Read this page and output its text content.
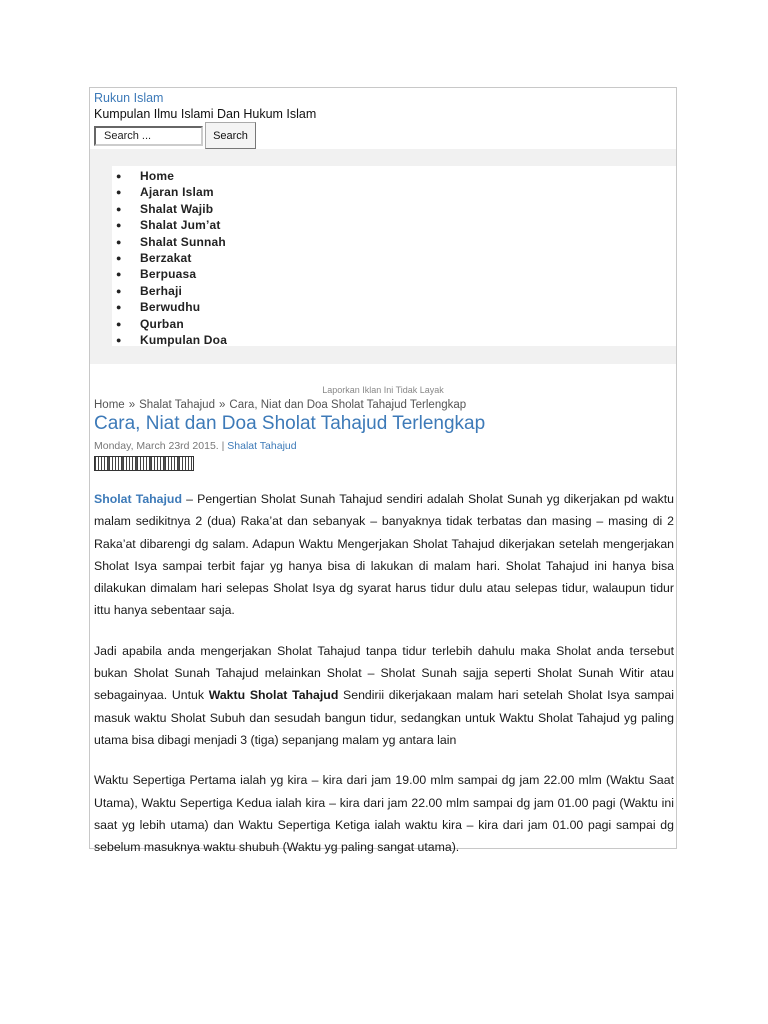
Rukun Islam
Kumpulan Ilmu Islami Dan Hukum Islam
Search ...
Search
● Home
● Ajaran Islam
● Shalat Wajib
● Shalat Jum’at
● Shalat Sunnah
● Berzakat
● Berpuasa
● Berhaji
● Berwudhu
● Qurban
● Kumpulan Doa
Laporkan Iklan Ini Tidak Layak
Home » Shalat Tahajud » Cara, Niat dan Doa Sholat Tahajud Terlengkap
Cara, Niat dan Doa Sholat Tahajud Terlengkap
Monday, March 23rd 2015. | Shalat Tahajud

Sholat Tahajud – Pengertian Sholat Sunah Tahajud sendiri adalah Sholat Sunah yg dikerjakan pd waktu malam sedikitnya 2 (dua) Raka’at dan sebanyak – banyaknya tidak terbatas dan masing – masing di 2 Raka’at dibarengi dg salam. Adapun Waktu Mengerjakan Sholat Tahajud dikerjakan setelah mengerjakan Sholat Isya sampai terbit fajar yg hanya bisa di lakukan di malam hari. Sholat Tahajud ini hanya bisa dilakukan dimalam hari selepas Sholat Isya dg syarat harus tidur dulu atau selepas tidur, walaupun tidur ittu hanya sebentaar saja.

Jadi apabila anda mengerjakan Sholat Tahajud tanpa tidur terlebih dahulu maka Sholat anda tersebut bukan Sholat Sunah Tahajud melainkan Sholat – Sholat Sunah sajja seperti Sholat Sunah Witir atau sebagainyaa. Untuk Waktu Sholat Tahajud Sendirii dikerjakaan malam hari setelah Sholat Isya sampai masuk waktu Sholat Subuh dan sesudah bangun tidur, sedangkan untuk Waktu Sholat Tahajud yg paling utama bisa dibagi menjadi 3 (tiga) sepanjang malam yg antara lain

Waktu Sepertiga Pertama ialah yg kira – kira dari jam 19.00 mlm sampai dg jam 22.00 mlm (Waktu Saat Utama), Waktu Sepertiga Kedua ialah kira – kira dari jam 22.00 mlm sampai dg jam 01.00 pagi (Waktu ini saat yg lebih utama) dan Waktu Sepertiga Ketiga ialah waktu kira – kira dari jam 01.00 pagi sampai dg sebelum masuknya waktu shubuh (Waktu yg paling sangat utama).
